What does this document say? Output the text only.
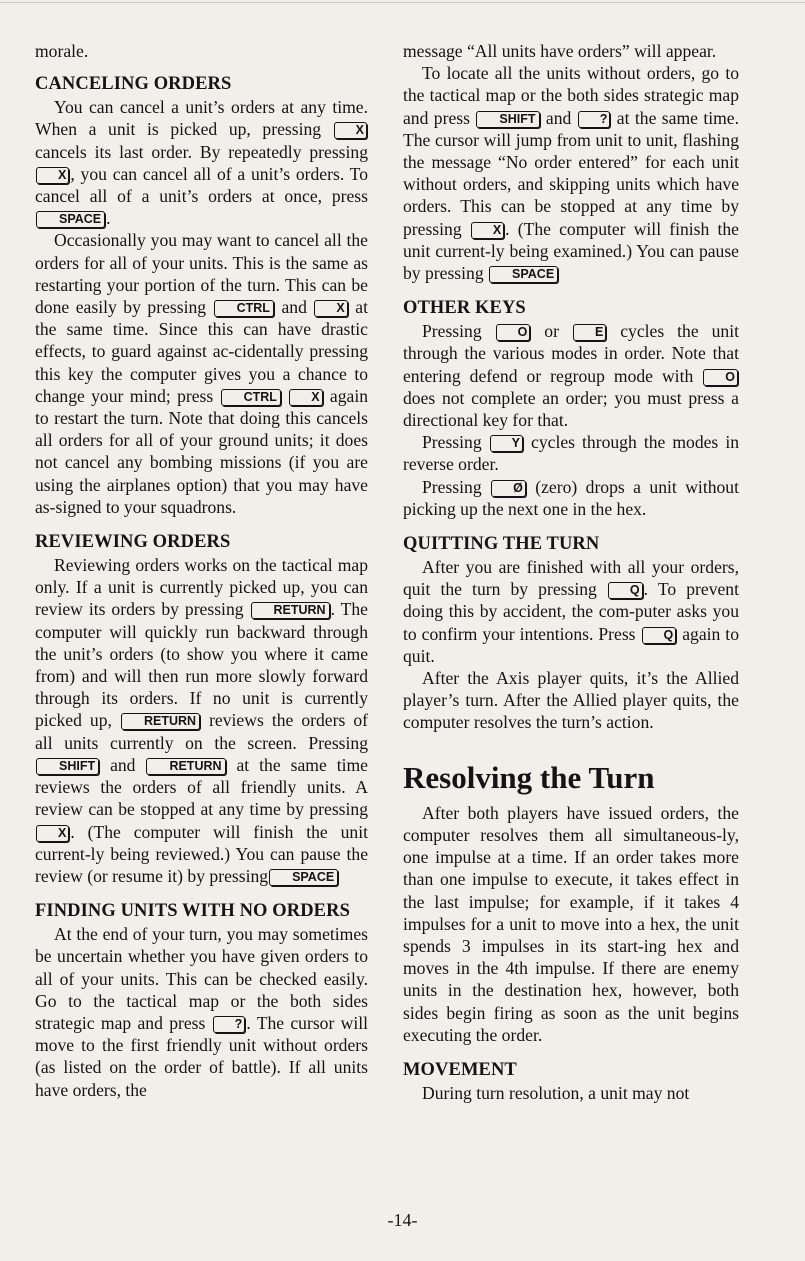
morale.

CANCELING ORDERS

You can cancel a unit’s orders at any time. When a unit is picked up, pressing X cancels its last order. By repeatedly pressing X , you can cancel all of a unit’s orders. To cancel all of a unit’s orders at once, pressSPACE .

Occasionally you may want to cancel all the orders for all of your units. This is the same as restarting your portion of the turn. This can be done easily by pressing CTRL and X at the same time. Since this can have drastic effects, to guard against ac-cidentally pressing this key the computer gives you a chance to change your mind; press CTRL	X again to restart the turn. Note that doing this cancels all orders for all of your ground units; it does not cancel any bombing missions (if you are using the airplanes option) that you may have as-signed to your squadrons.

REVIEWING ORDERS

Reviewing orders works on the tactical map only. If a unit is currently picked up, you can review its orders by pressing RETURN . The computer will quickly run backward through the unit’s orders (to show you where it came from) and will then run more slowly forward through its orders. If no unit is currently picked up, RETURN reviews the orders of all units currently on the screen. Pressing SHIFT and RETURN at the same time reviews the orders of all friendly units. A review can be stopped at any time by pressing X . (The computer will finish the unit current-ly being reviewed.) You can pause the review (or resume it) by pressing SPACE

FINDING UNITS WITH NO ORDERS

At the end of your turn, you may sometimes be uncertain whether you have given orders to all of your units. This can be checked easily. Go to the tactical map or the both sides strategic map and press ? . The cursor will move to the first friendly unit without orders (as listed on the order of battle). If all units have orders, the

message “All units have orders” will appear.

To locate all the units without orders, go to the tactical map or the both sides strategic map and press SHIFT and ? at the same time. The cursor will jump from unit to unit, flashing the message “No order entered” for each unit without orders, and skipping units which have orders. This can be stopped at any time by pressing X . (The computer will finish the unit current-ly being examined.) You can pause by pressing SPACE

OTHER KEYS

Pressing O or E cycles the unit through the various modes in order. Note that entering defend or regroup mode with O does not complete an order; you must press a directional key for that.

Pressing Y cycles through the modes in reverse order.

Pressing Ø (zero) drops a unit without picking up the next one in the hex.

QUITTING THE TURN

After you are finished with all your orders, quit the turn by pressing Q . To prevent doing this by accident, the com-puter asks you to confirm your intentions. Press Q again to quit.

After the Axis player quits, it’s the Allied player’s turn. After the Allied player quits, the computer resolves the turn’s action.

Resolving the Turn

After both players have issued orders, the computer resolves them all simultaneous-ly, one impulse at a time. If an order takes more than one impulse to execute, it takes effect in the last impulse; for example, if it takes 4 impulses for a unit to move into a hex, the unit spends 3 impulses in its start-ing hex and moves in the 4th impulse. If there are enemy units in the destination hex, however, both sides begin firing as soon as the unit begins executing the order.

MOVEMENT

During turn resolution, a unit may not

-14-
